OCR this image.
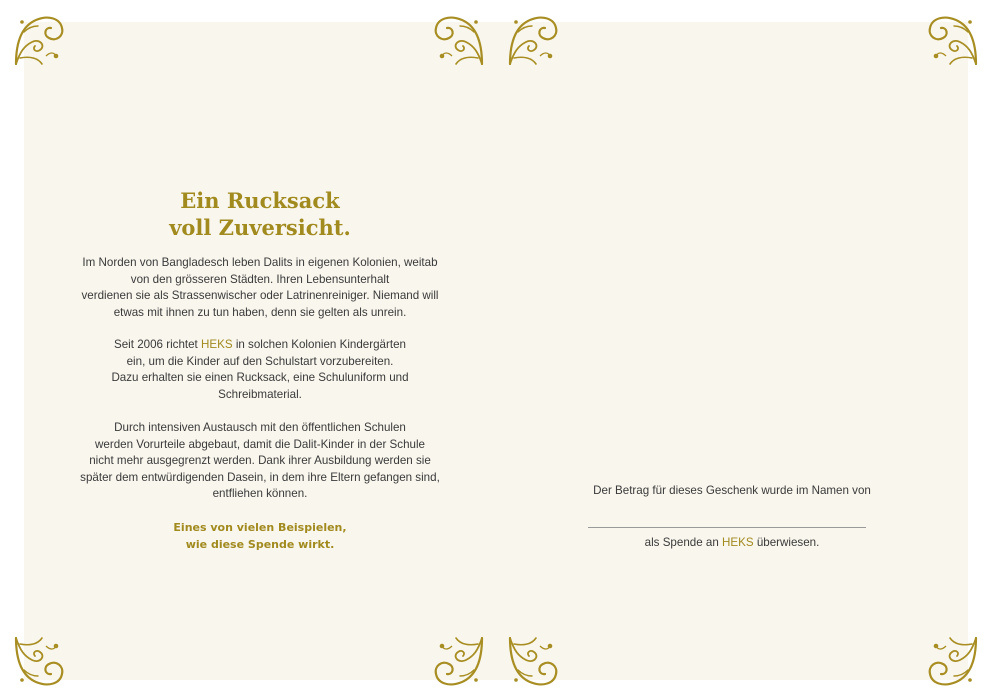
Ein Rucksack
voll Zuversicht.

Im Norden von Bangladesch leben Dalits in eigenen Kolonien, weitab
von den grösseren Städten. Ihren Lebensunterhalt
verdienen sie als Strassenwischer oder Latrinenreiniger. Niemand will
etwas mit ihnen zu tun haben, denn sie gelten als unrein.

Seit 2006 richtet HEKS in solchen Kolonien Kindergärten
ein, um die Kinder auf den Schulstart vorzubereiten.
Dazu erhalten sie einen Rucksack, eine Schuluniform und
Schreibmaterial.

Durch intensiven Austausch mit den öffentlichen Schulen
werden Vorurteile abgebaut, damit die Dalit-Kinder in der Schule
nicht mehr ausgegrenzt werden. Dank ihrer Ausbildung werden sie
später dem entwürdigenden Dasein, in dem ihre Eltern gefangen sind,
entfliehen können.

Eines von vielen Beispielen,
wie diese Spende wirkt.

Der Betrag für dieses Geschenk wurde im Namen von
als Spende an HEKS überwiesen.
